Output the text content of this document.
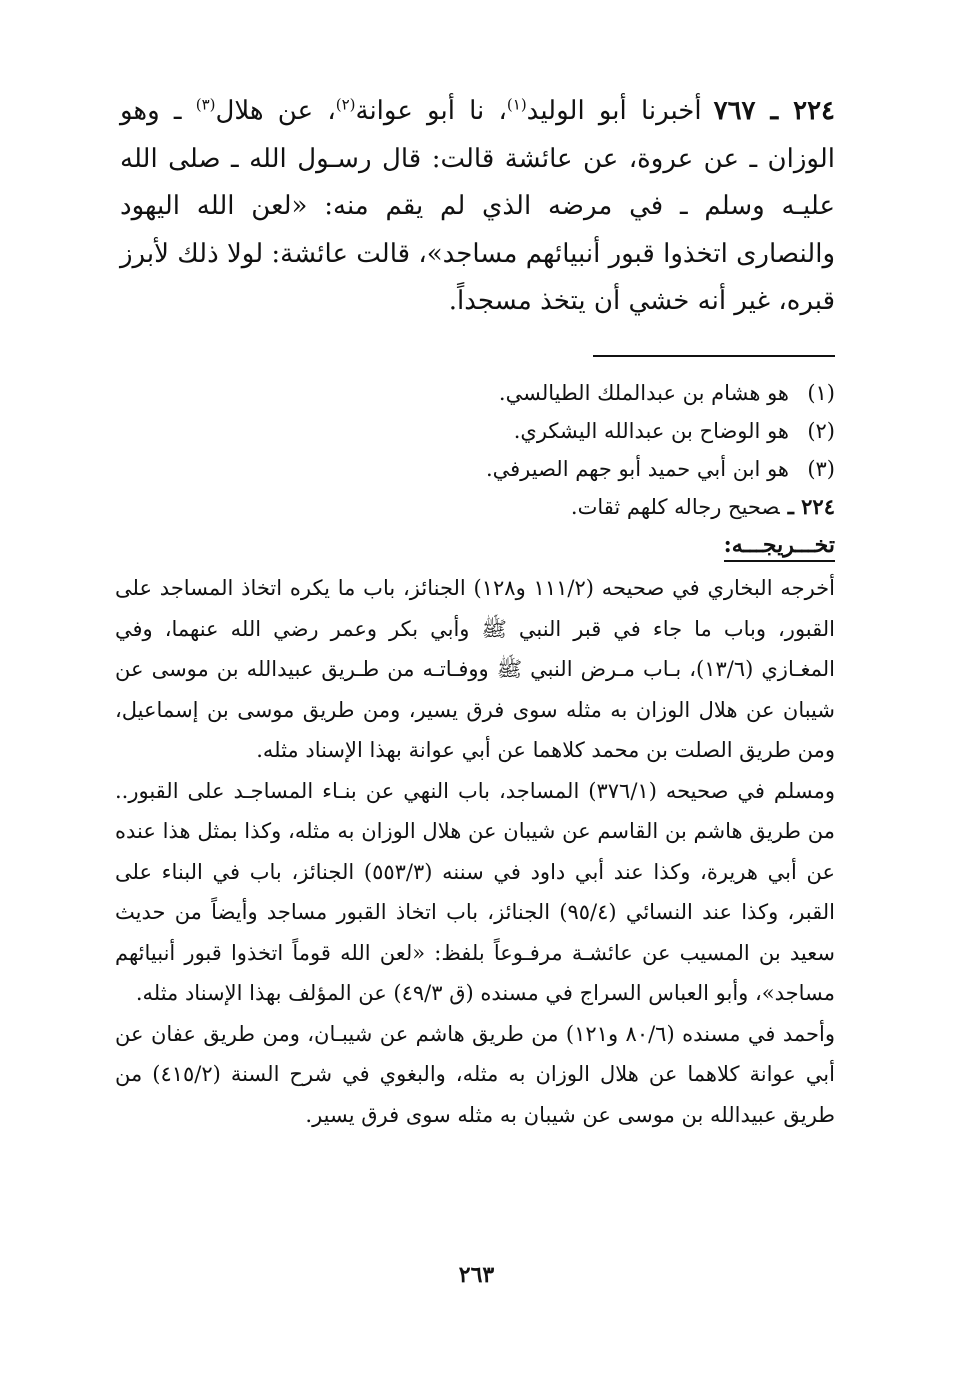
٢٢٤ ـ ٧٦٧أخبرنا أبو الوليد$^{(١)}$، نا أبو عوانة$^{(٢)}$، عن هلال$^{(٣)}$ ـ وهو الوزان ـ عن عروة، عن عائشة قالت: قال رسـول الله ـ صلى الله عليـه وسلم ـ في مرضه الذي لم يقم منه: «لعن الله اليهود والنصارى اتخذوا قبور أنبيائهم مساجد»، قالت عائشة: لولا ذلك لأبرز قبره، غير أنه خشي أن يتخذ مسجداً.
(١)هو هشام بن عبدالملك الطيالسي.
(٢)هو الوضاح بن عبدالله اليشكري.
(٣)هو ابن أبي حميد أبو جهم الصيرفي.
٢٢٤ ـصحيح رجاله كلهم ثقات.
تخـــريجـــه:

أخرجه البخاري في صحيحه (١١١/٢ و١٢٨) الجنائز، باب ما يكره اتخاذ المساجد على القبور، وباب ما جاء في قبر النبي ﷺ وأبي بكر وعمر رضي الله عنهما، وفي المغـازي (١٣/٦)، بـاب مـرض النبي ﷺ ووفـاتـه من طـريق عبيدالله بن موسى عن شيبان عن هلال الوزان به مثله سوى فرق يسير، ومن طريق موسى بن إسماعيل، ومن طريق الصلت بن محمد كلاهما عن أبي عوانة بهذا الإسناد مثله.

ومسلم في صحيحه (٣٧٦/١) المساجد، باب النهي عن بنـاء المساجـد على القبور.. من طريق هاشم بن القاسم عن شيبان عن هلال الوزان به مثله، وكذا بمثل هذا عنده عن أبي هريرة، وكذا عند أبي داود في سننه (٥٥٣/٣) الجنائز، باب في البناء على القبر، وكذا عند النسائي (٩٥/٤) الجنائز، باب اتخاذ القبور مساجد وأيضاً من حديث سعيد بن المسيب عن عائشـة مرفـوعاً بلفظ: «لعن الله قوماً اتخذوا قبور أنبيائهم مساجد»، وأبو العباس السراج في مسنده (ق ٤٩/٣) عن المؤلف بهذا الإسناد مثله.

وأحمد في مسنده (٨٠/٦ و١٢١) من طريق هاشم عن شيبـان، ومن طريق عفان عن أبي عوانة كلاهما عن هلال الوزان به مثله، والبغوي في شرح السنة (٤١٥/٢) من طريق عبيدالله بن موسى عن شيبان به مثله سوى فرق يسير.

٢٦٣
